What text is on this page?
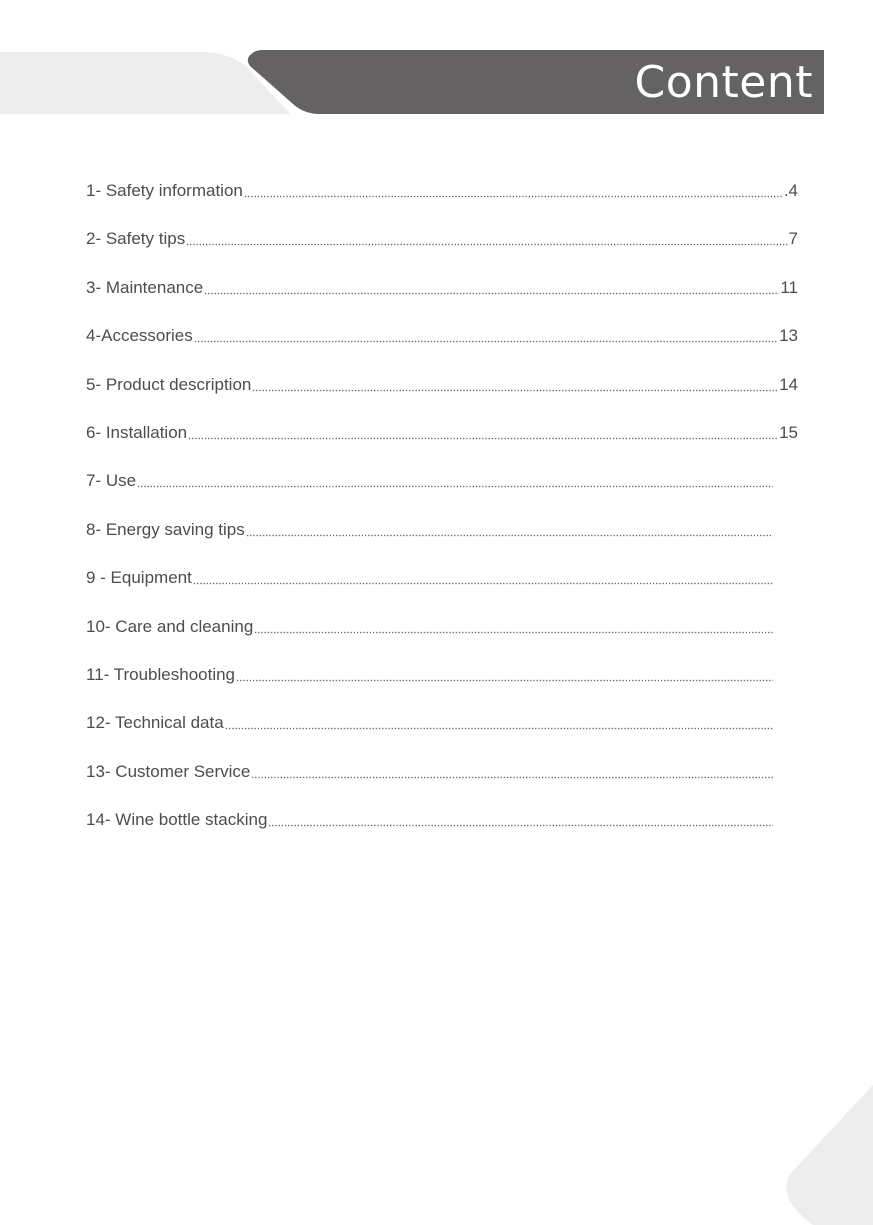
Content
1- Safety information	.4
2- Safety tips	7
3- Maintenance	11
4-Accessories	13
5- Product description	14
6- Installation	15
7- Use
8- Energy saving tips
9 - Equipment
10- Care and cleaning
11- Troubleshooting
12- Technical data
13- Customer Service
14- Wine bottle stacking
